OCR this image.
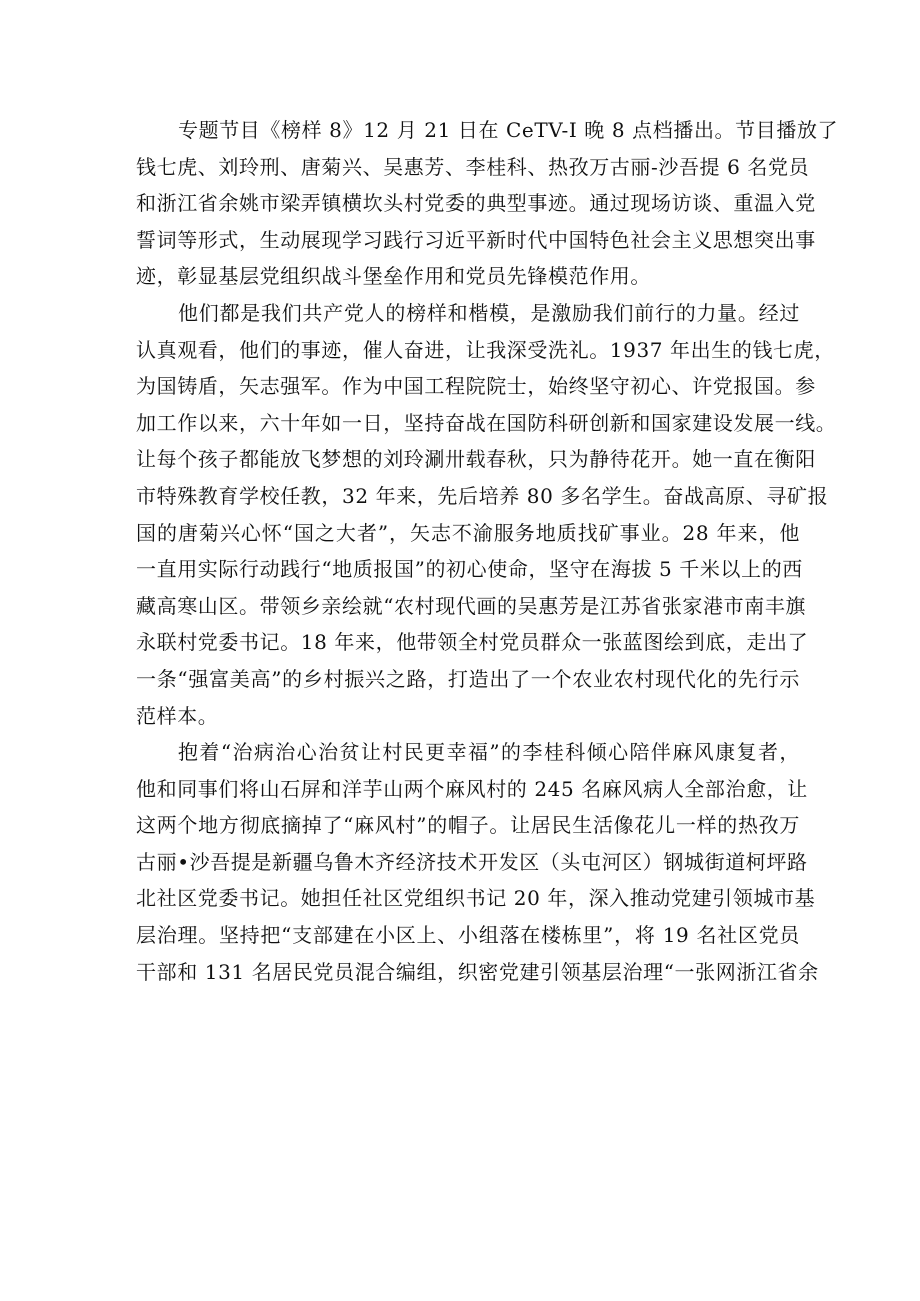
专题节目《榜样 8》12 月 21 日在 CeTV-I 晚 8 点档播出。节目播放了
钱七虎、刘玲刑、唐菊兴、吴惠芳、李桂科、热孜万古丽-沙吾提 6 名党员
和浙江省余姚市梁弄镇横坎头村党委的典型事迹。通过现场访谈、重温入党
誓词等形式，生动展现学习践行习近平新时代中国特色社会主义思想突出事
迹，彰显基层党组织战斗堡垒作用和党员先锋模范作用。
他们都是我们共产党人的榜样和楷模，是激励我们前行的力量。经过
认真观看，他们的事迹，催人奋进，让我深受洗礼。1937 年出生的钱七虎，
为国铸盾，矢志强军。作为中国工程院院士，始终坚守初心、许党报国。参
加工作以来，六十年如一日，坚持奋战在国防科研创新和国家建设发展一线。
让每个孩子都能放飞梦想的刘玲涮卅载春秋，只为静待花开。她一直在衡阳
市特殊教育学校任教，32 年来，先后培养 80 多名学生。奋战高原、寻矿报
国的唐菊兴心怀“国之大者”，矢志不渝服务地质找矿事业。28 年来，他
一直用实际行动践行“地质报国”的初心使命，坚守在海拔 5 千米以上的西
藏高寒山区。带领乡亲绘就“农村现代画的吴惠芳是江苏省张家港市南丰旗
永联村党委书记。18 年来，他带领全村党员群众一张蓝图绘到底，走出了
一条“强富美高”的乡村振兴之路，打造出了一个农业农村现代化的先行示
范样本。
抱着“治病治心治贫让村民更幸福”的李桂科倾心陪伴麻风康复者，
他和同事们将山石屏和洋芋山两个麻风村的 245 名麻风病人全部治愈，让
这两个地方彻底摘掉了“麻风村”的帽子。让居民生活像花儿一样的热孜万
古丽•沙吾提是新疆乌鲁木齐经济技术开发区（头屯河区）钢城街道柯坪路
北社区党委书记。她担任社区党组织书记 20 年，深入推动党建引领城市基
层治理。坚持把“支部建在小区上、小组落在楼栋里”，将 19 名社区党员
干部和 131 名居民党员混合编组，织密党建引领基层治理“一张网浙江省余
